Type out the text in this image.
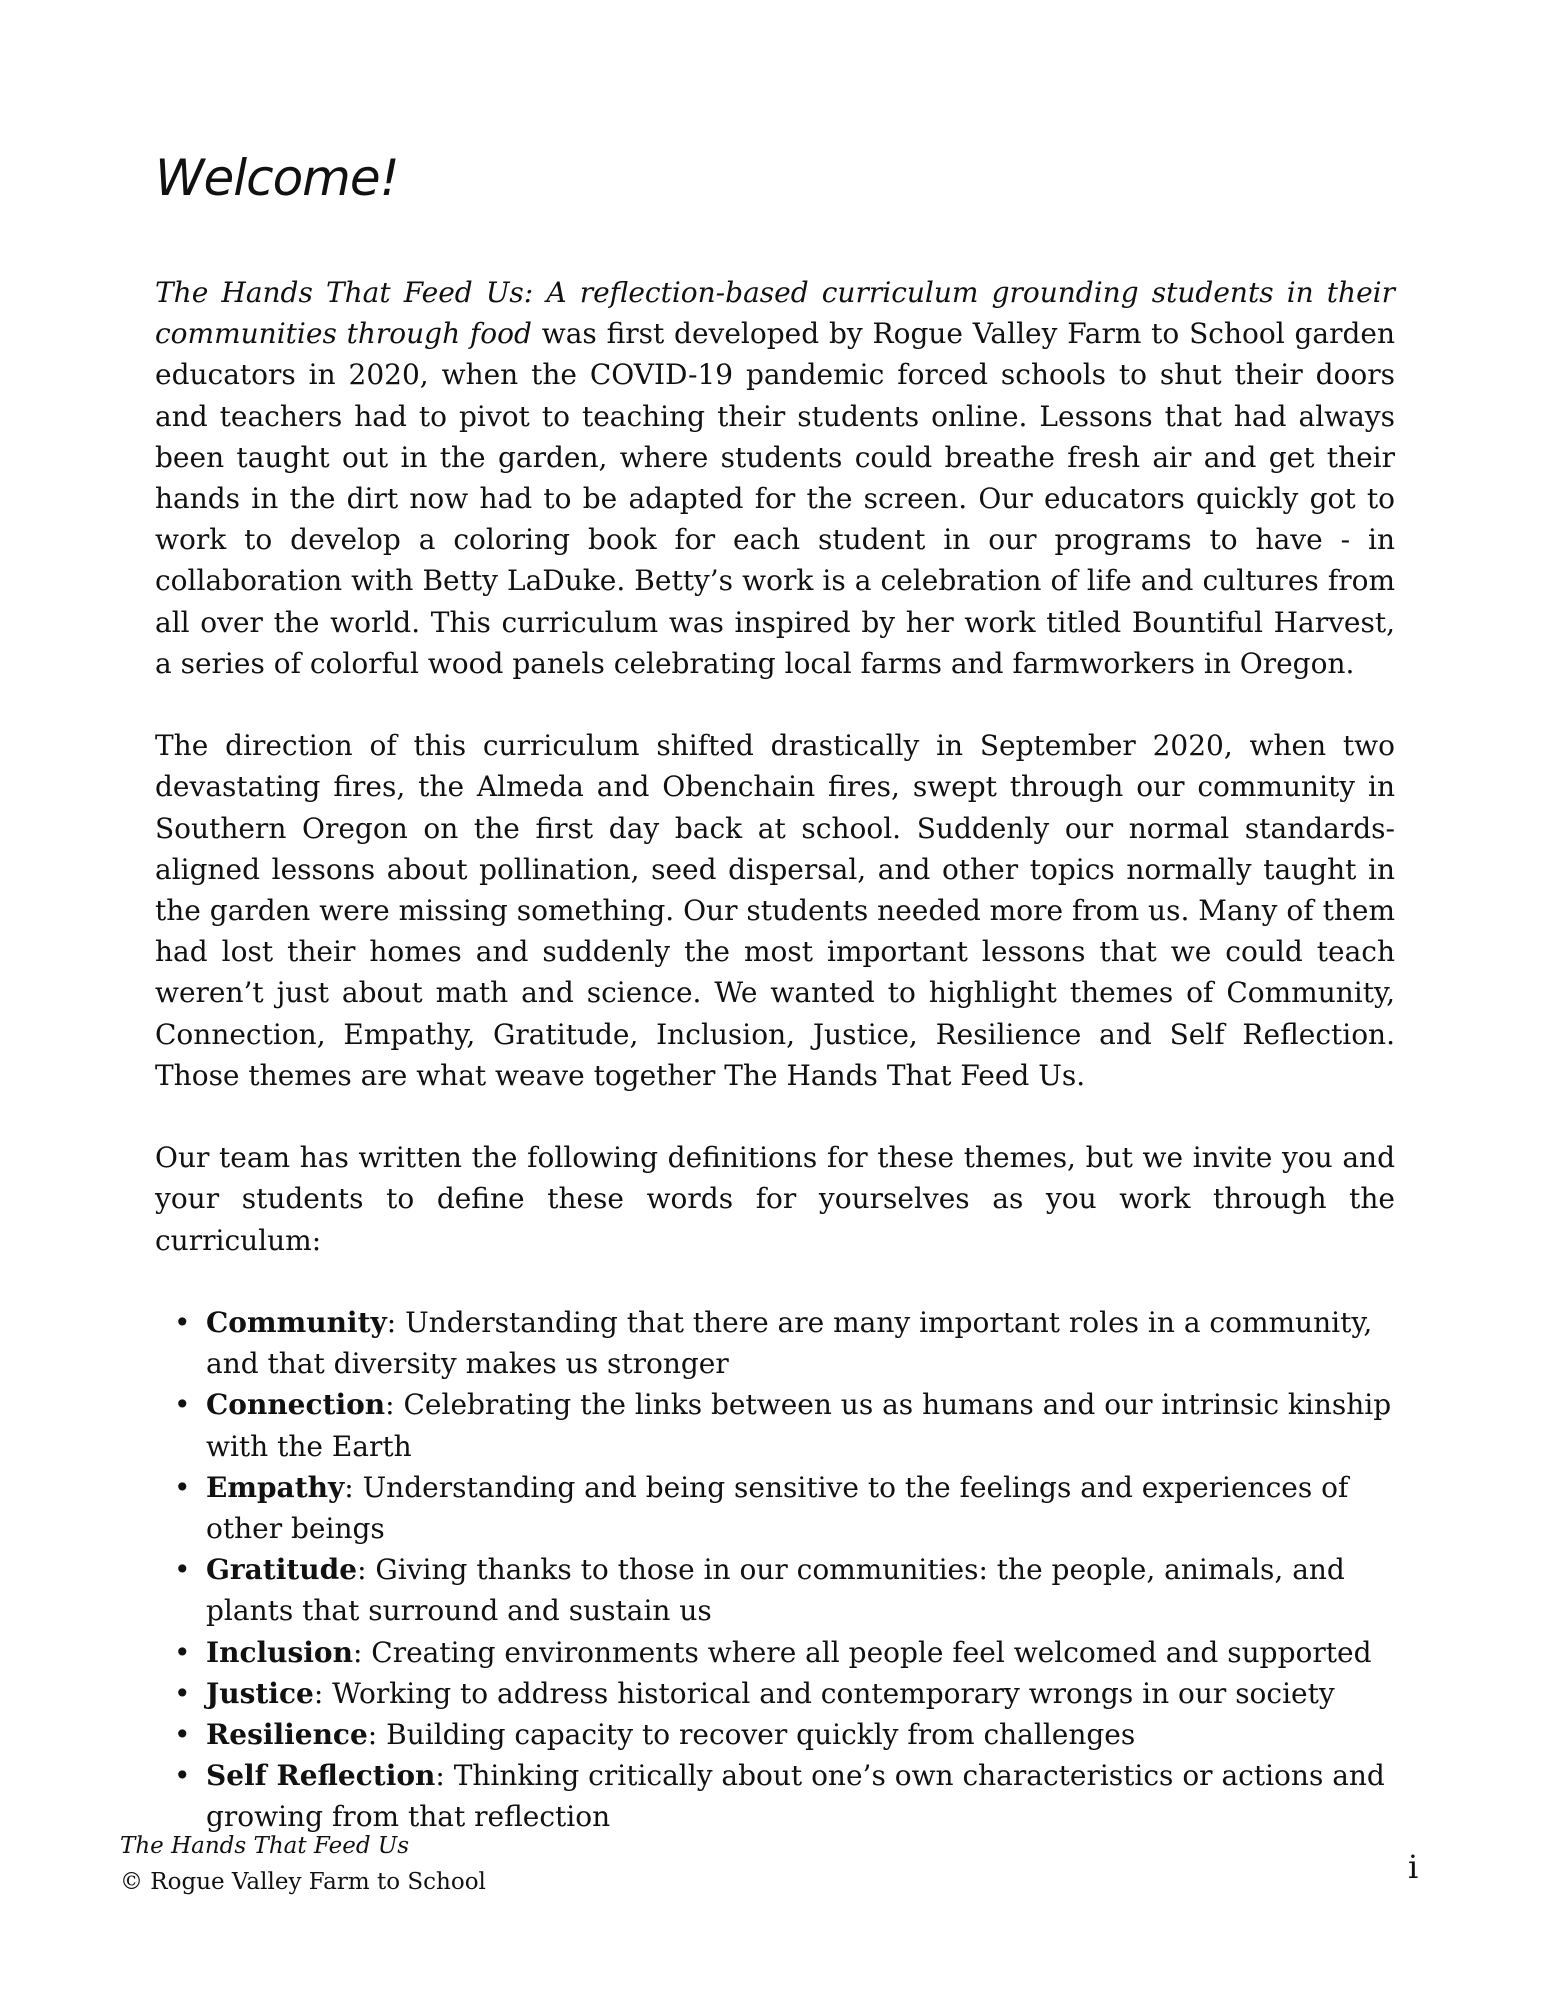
Welcome!

The Hands That Feed Us: A reflection-based curriculum grounding students in their communities through food was first developed by Rogue Valley Farm to School garden educators in 2020, when the COVID-19 pandemic forced schools to shut their doors and teachers had to pivot to teaching their students online. Lessons that had always been taught out in the garden, where students could breathe fresh air and get their hands in the dirt now had to be adapted for the screen. Our educators quickly got to work to develop a coloring book for each student in our programs to have - in collaboration with Betty LaDuke. Betty’s work is a celebration of life and cultures from all over the world. This curriculum was inspired by her work titled Bountiful Harvest, a series of colorful wood panels celebrating local farms and farmworkers in Oregon.

The direction of this curriculum shifted drastically in September 2020, when two devastating fires, the Almeda and Obenchain fires, swept through our community in Southern Oregon on the first day back at school. Suddenly our normal standards-aligned lessons about pollination, seed dispersal, and other topics normally taught in the garden were missing something. Our students needed more from us. Many of them had lost their homes and suddenly the most important lessons that we could teach weren’t just about math and science. We wanted to highlight themes of Community, Connection, Empathy, Gratitude, Inclusion, Justice, Resilience and Self Reflection. Those themes are what weave together The Hands That Feed Us.

Our team has written the following definitions for these themes, but we invite you and your students to define these words for yourselves as you work through the curriculum:

• Community: Understanding that there are many important roles in a community, and that diversity makes us stronger
• Connection: Celebrating the links between us as humans and our intrinsic kinship with the Earth
• Empathy: Understanding and being sensitive to the feelings and experiences of other beings
• Gratitude: Giving thanks to those in our communities: the people, animals, and plants that surround and sustain us
• Inclusion: Creating environments where all people feel welcomed and supported
• Justice: Working to address historical and contemporary wrongs in our society
• Resilience: Building capacity to recover quickly from challenges
• Self Reflection: Thinking critically about one’s own characteristics or actions and growing from that reflection
The Hands That Feed Us
© Rogue Valley Farm to School	i
